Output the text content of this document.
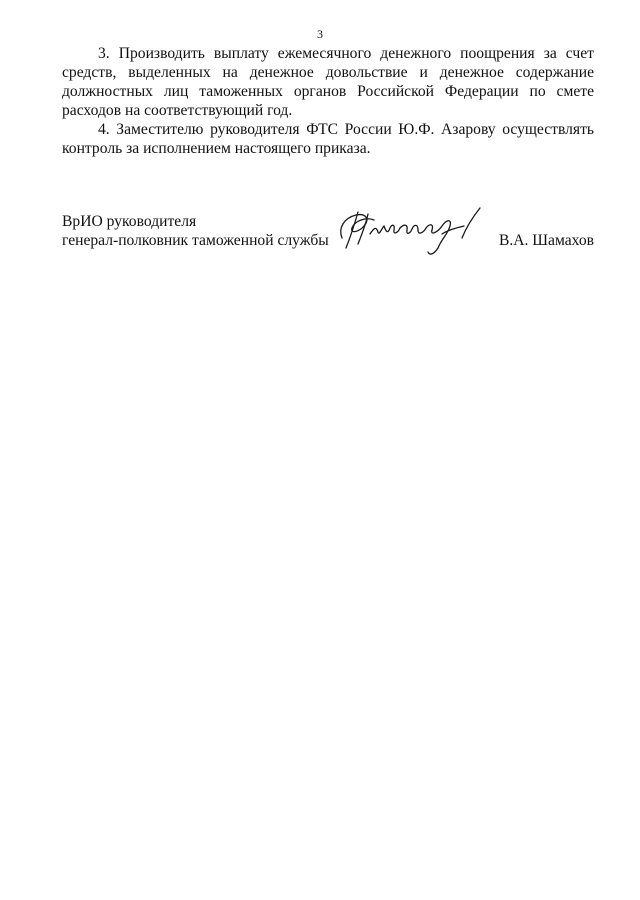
3

3. Производить выплату ежемесячного денежного поощрения за счет средств, выделенных на денежное довольствие и денежное содержание должностных лиц таможенных органов Российской Федерации по смете расходов на соответствующий год.

4. Заместителю руководителя ФТС России Ю.Ф. Азарову осуществлять контроль за исполнением настоящего приказа.

ВрИО руководителя
генерал-полковник таможенной службы	В.А. Шамахов
